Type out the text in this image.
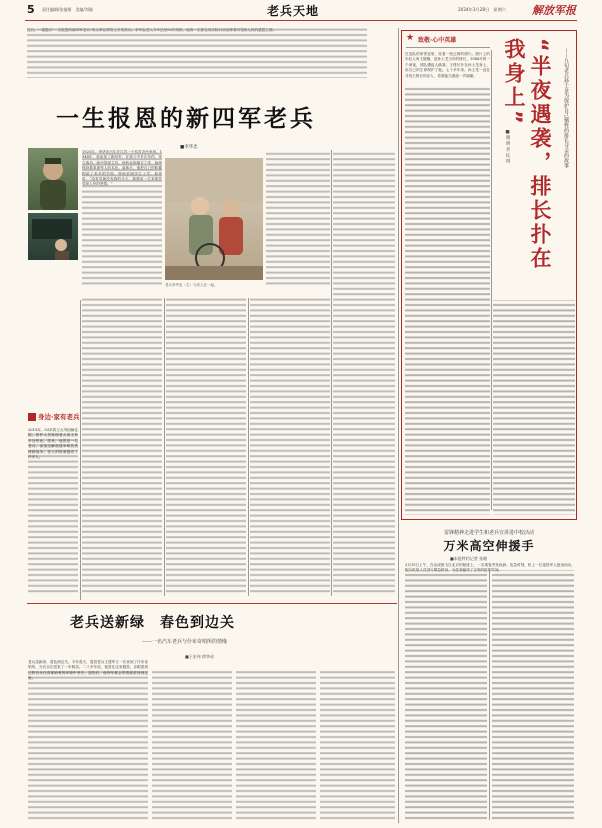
5 责任编辑/张娅姬　美编/刘瑜	老兵天地	2024年3月28日　星期六 解放军报
一生报恩的新四军老兵
■李华忠
老兵李华忠（右）与家人在一起。
身边·家有老兵
2019年，93岁的王大爷因病住院，医护人员发现老人身上有多处伤疤。原来，他曾是一名老兵，参加过解放战争和抗美援朝战争。老人的故事感动了许多人。
★ 致敬·心中英雄
在连队的荣誉室里，挂着一张泛黄的照片。照片上的年轻人叫王德顺，是孙士龙当年的排长。1946年的一个深夜，部队遭敌人偷袭，王排长扑在孙士龙身上，用自己的生命保护了他。七十多年来，孙士龙一直在寻找王排长的亲人，希望能当面道一声谢谢。	“半夜遇袭，排长扑在我身上”	——九旬老兵孙士龙为保护自己牺牲的排长寻亲的故事
■谢 明 李 钰 琪
雷锋精神走进学生和老兵宣讲进中校活动
万米高空伸援手
■本报特约记者 张晓
3月15日上午，在由成都飞往北京的航班上，一名乘客突发疾病。危急时刻，机上一位退役军人挺身而出，配合机组人员进行紧急救治，为患者赢得了宝贵的抢救时间。
老兵送新绿　春色到边关
——一名汽车老兵与什布奇哨所的情缘
■王宏伟 徐华成
老兵送新绿，春色到边关。今年春天，退役老兵王建军又一次来到了什布奇哨所，为官兵们送来了一车树苗。二十多年前，他曾在这里服役，亲眼看到边防官兵在高寒缺氧的环境中坚守。退役后，他每年都会带着树苗回到这里。
